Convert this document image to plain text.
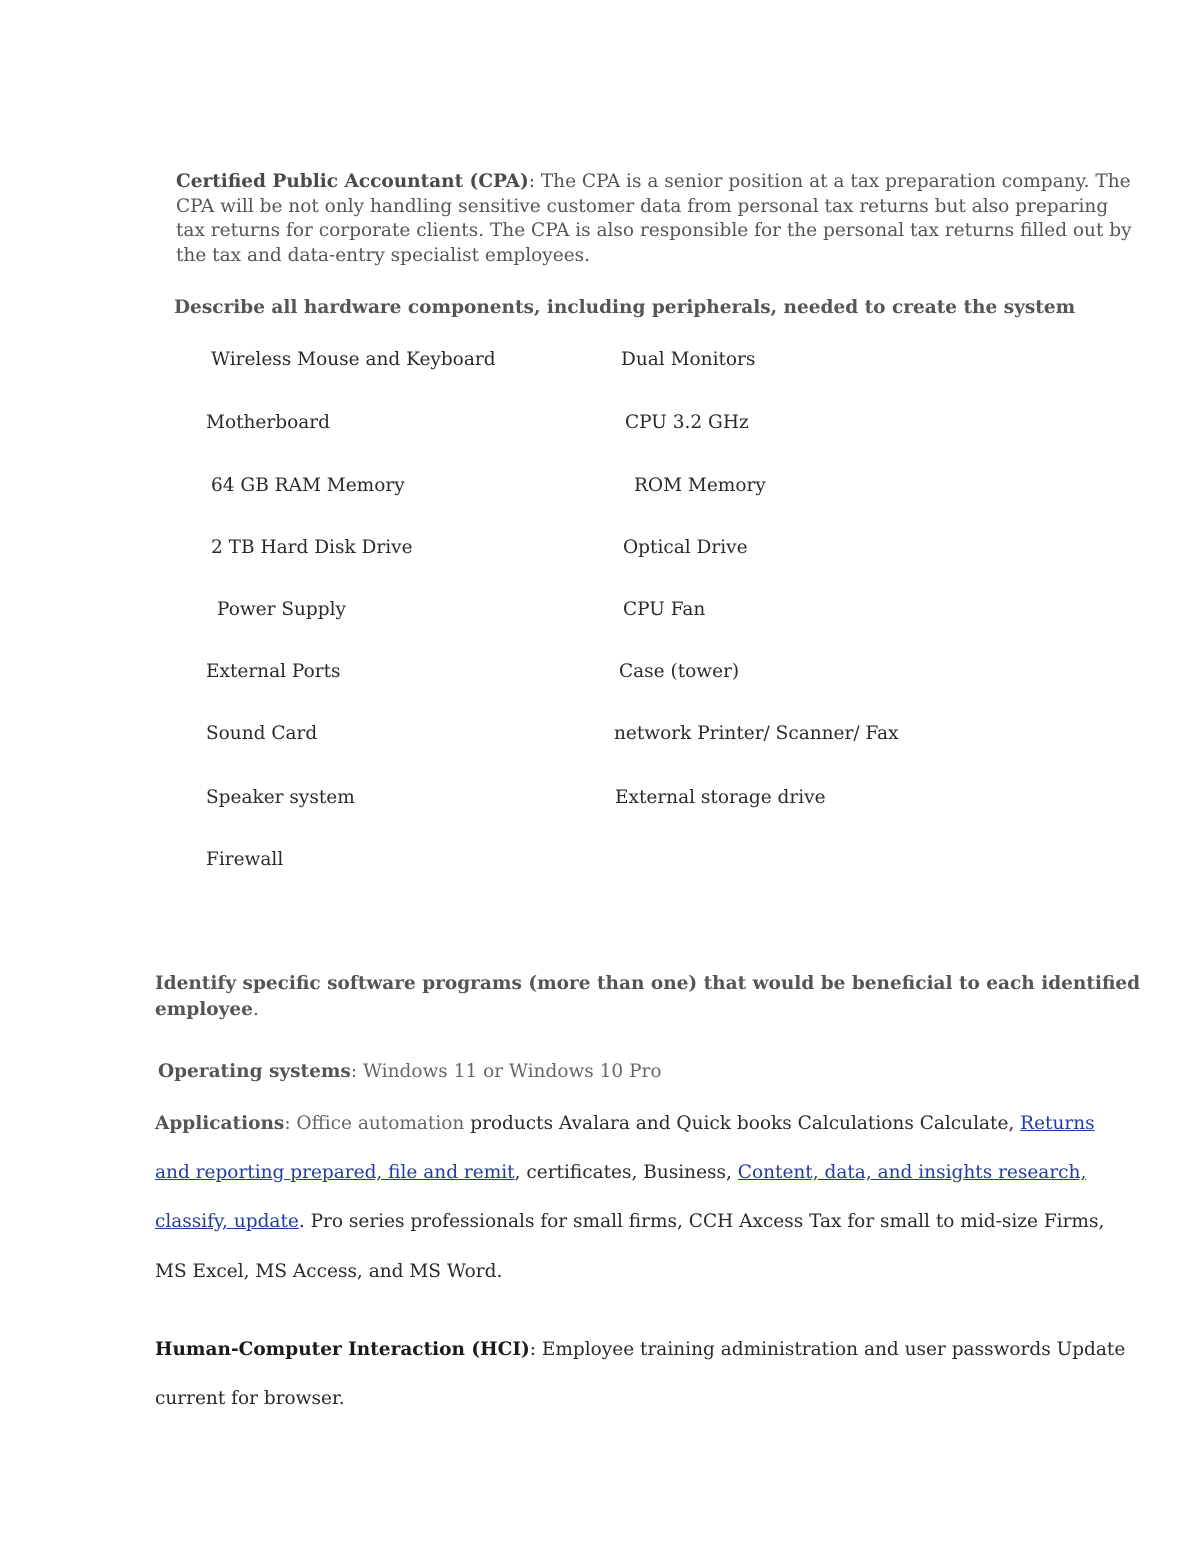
Certified Public Accountant (CPA): The CPA is a senior position at a tax preparation company. The
CPA will be not only handling sensitive customer data from personal tax returns but also preparing
tax returns for corporate clients. The CPA is also responsible for the personal tax returns filled out by
the tax and data-entry specialist employees.
Describe all hardware components, including peripherals, needed to create the system
Wireless Mouse and Keyboard
Motherboard
64 GB RAM Memory
2 TB Hard Disk Drive
Power Supply
External Ports
Sound Card
Speaker system
Firewall
Dual Monitors
CPU 3.2 GHz
ROM Memory
Optical Drive
CPU Fan
Case (tower)
network Printer/ Scanner/ Fax
External storage drive
Identify specific software programs (more than one) that would be beneficial to each identified
employee.
Operating systems: Windows 11 or Windows 10 Pro
Applications: Office automation products Avalara and Quick books Calculations Calculate, Returns
and reporting prepared, file and remit, certificates, Business, Content, data, and insights research,
classify, update. Pro series professionals for small firms, CCH Axcess Tax for small to mid-size Firms,
MS Excel, MS Access, and MS Word.
Human-Computer Interaction (HCI): Employee training administration and user passwords Update
current for browser.
